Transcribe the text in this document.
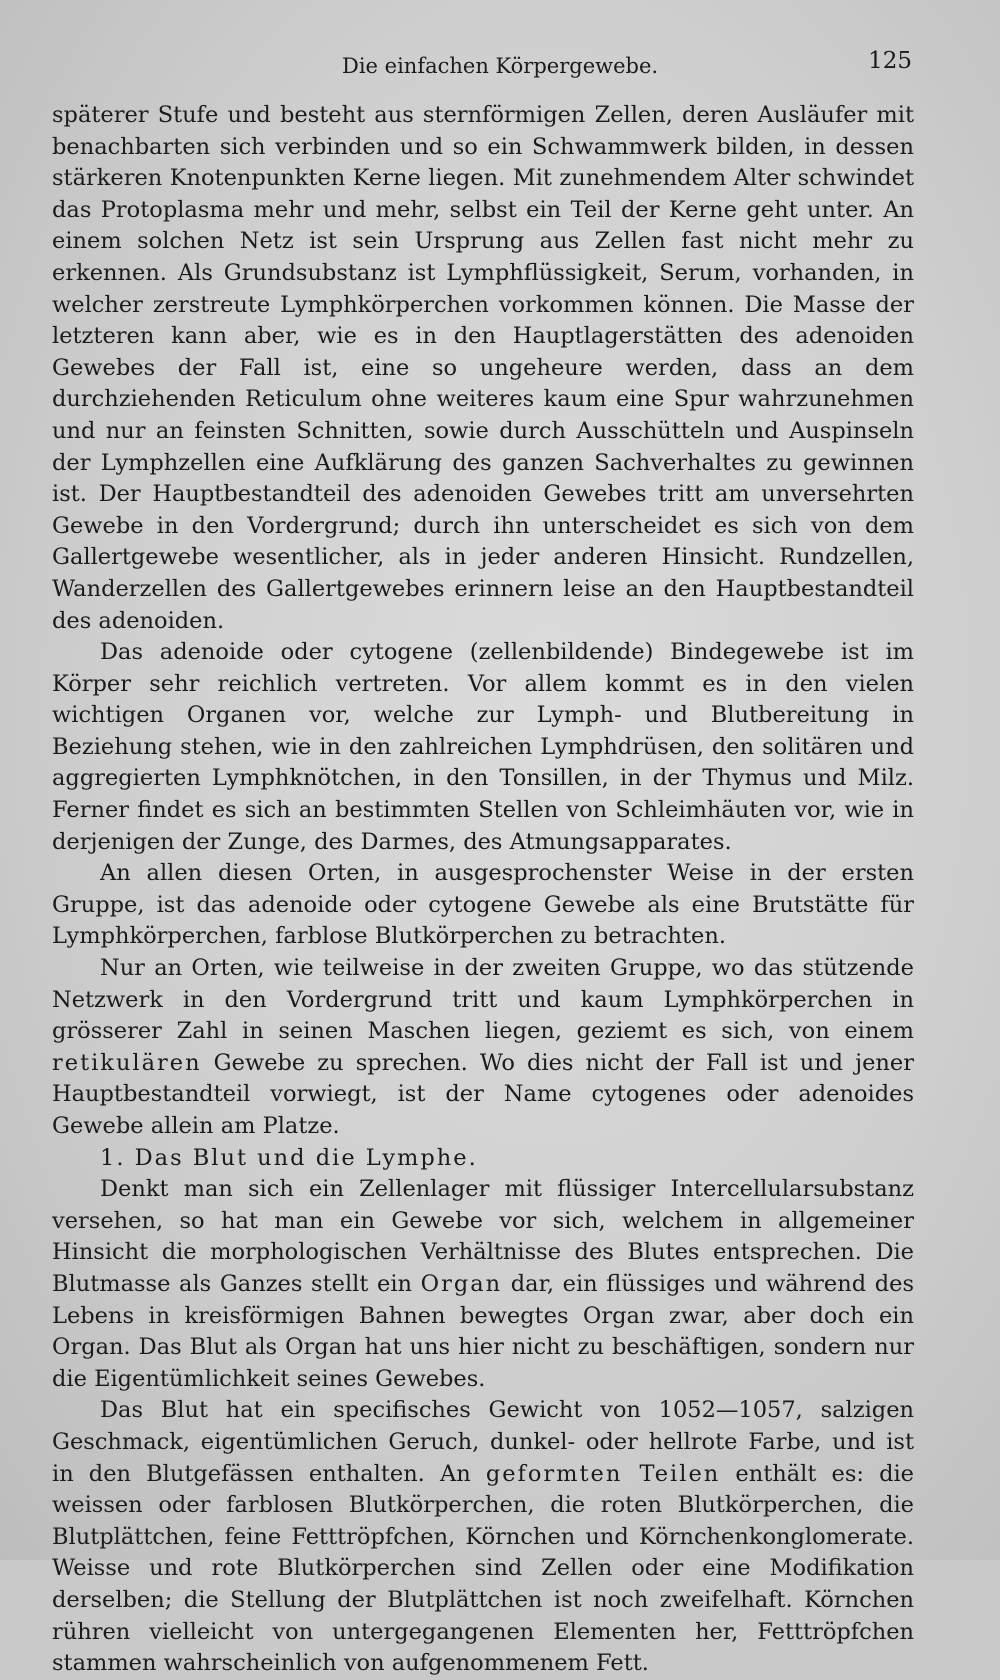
Die einfachen Körpergewebe.	125

späterer Stufe und besteht aus sternförmigen Zellen, deren Ausläufer mit benachbarten sich verbinden und so ein Schwammwerk bilden, in dessen stärkeren Knotenpunkten Kerne liegen. Mit zunehmendem Alter schwindet das Protoplasma mehr und mehr, selbst ein Teil der Kerne geht unter. An einem solchen Netz ist sein Ursprung aus Zellen fast nicht mehr zu erkennen. Als Grundsubstanz ist Lymphflüssigkeit, Serum, vorhanden, in welcher zerstreute Lymphkörperchen vorkommen können. Die Masse der letzteren kann aber, wie es in den Hauptlagerstätten des adenoiden Gewebes der Fall ist, eine so ungeheure werden, dass an dem durchziehenden Reticulum ohne weiteres kaum eine Spur wahrzunehmen und nur an feinsten Schnitten, sowie durch Ausschütteln und Auspinseln der Lymphzellen eine Aufklärung des ganzen Sachverhaltes zu gewinnen ist. Der Hauptbestandteil des adenoiden Gewebes tritt am unversehrten Gewebe in den Vordergrund; durch ihn unterscheidet es sich von dem Gallertgewebe wesentlicher, als in jeder anderen Hinsicht. Rundzellen, Wanderzellen des Gallertgewebes erinnern leise an den Hauptbestandteil des adenoiden.

Das adenoide oder cytogene (zellenbildende) Bindegewebe ist im Körper sehr reichlich vertreten. Vor allem kommt es in den vielen wichtigen Organen vor, welche zur Lymph- und Blutbereitung in Beziehung stehen, wie in den zahlreichen Lymphdrüsen, den solitären und aggregierten Lymphknötchen, in den Tonsillen, in der Thymus und Milz. Ferner findet es sich an bestimmten Stellen von Schleimhäuten vor, wie in derjenigen der Zunge, des Darmes, des Atmungsapparates.

An allen diesen Orten, in ausgesprochenster Weise in der ersten Gruppe, ist das adenoide oder cytogene Gewebe als eine Brutstätte für Lymphkörperchen, farblose Blutkörperchen zu betrachten.

Nur an Orten, wie teilweise in der zweiten Gruppe, wo das stützende Netzwerk in den Vordergrund tritt und kaum Lymphkörperchen in grösserer Zahl in seinen Maschen liegen, geziemt es sich, von einem retikulären Gewebe zu sprechen. Wo dies nicht der Fall ist und jener Hauptbestandteil vorwiegt, ist der Name cytogenes oder adenoides Gewebe allein am Platze.

1. Das Blut und die Lymphe.

Denkt man sich ein Zellenlager mit flüssiger Intercellularsubstanz versehen, so hat man ein Gewebe vor sich, welchem in allgemeiner Hinsicht die morphologischen Verhältnisse des Blutes entsprechen. Die Blutmasse als Ganzes stellt ein Organ dar, ein flüssiges und während des Lebens in kreisförmigen Bahnen bewegtes Organ zwar, aber doch ein Organ. Das Blut als Organ hat uns hier nicht zu beschäftigen, sondern nur die Eigentümlichkeit seines Gewebes.

Das Blut hat ein specifisches Gewicht von 1052—1057, salzigen Geschmack, eigentümlichen Geruch, dunkel- oder hellrote Farbe, und ist in den Blutgefässen enthalten. An geformten Teilen enthält es: die weissen oder farblosen Blutkörperchen, die roten Blutkörperchen, die Blutplättchen, feine Fetttröpfchen, Körnchen und Körnchenkonglomerate. Weisse und rote Blutkörperchen sind Zellen oder eine Modifikation derselben; die Stellung der Blutplättchen ist noch zweifelhaft. Körnchen rühren vielleicht von untergegangenen Elementen her, Fetttröpfchen stammen wahrscheinlich von aufgenommenem Fett.
